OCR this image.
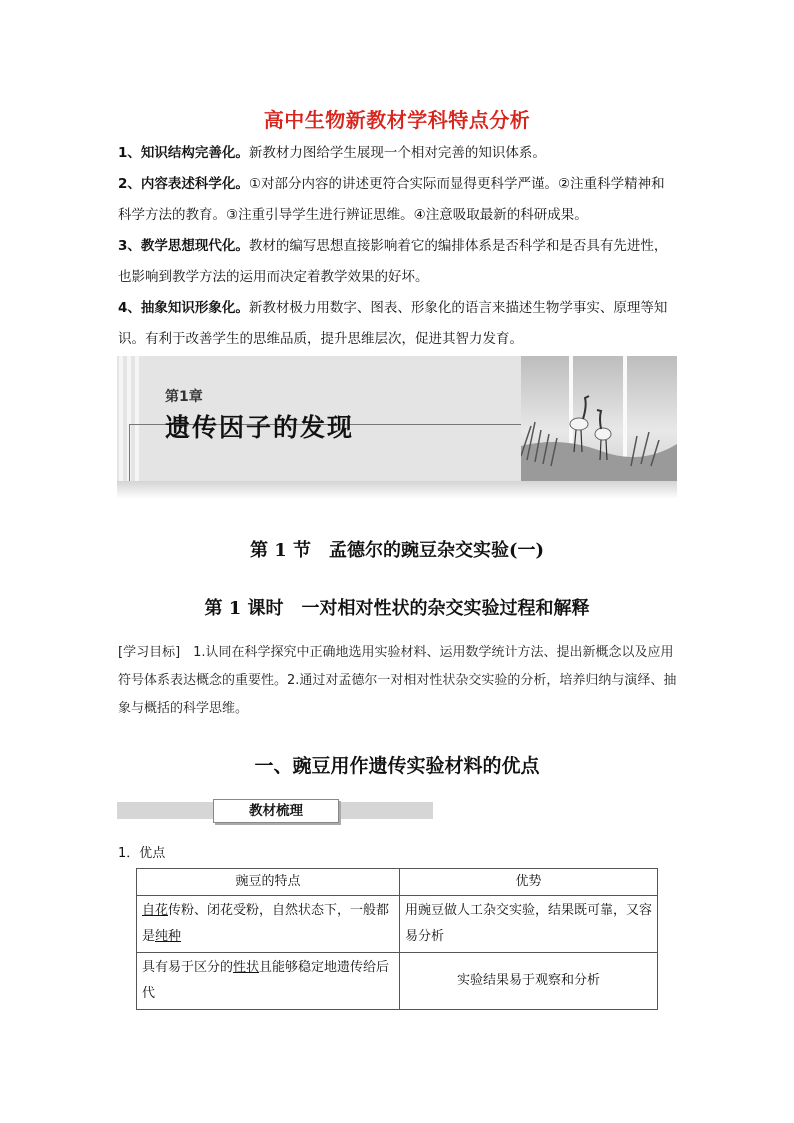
高中生物新教材学科特点分析

1、知识结构完善化。新教材力图给学生展现一个相对完善的知识体系。

2、内容表述科学化。①对部分内容的讲述更符合实际而显得更科学严谨。②注重科学精神和科学方法的教育。③注重引导学生进行辨证思维。④注意吸取最新的科研成果。

3、教学思想现代化。教材的编写思想直接影响着它的编排体系是否科学和是否具有先进性，也影响到教学方法的运用而决定着教学效果的好坏。

4、抽象知识形象化。新教材极力用数字、图表、形象化的语言来描述生物学事实、原理等知识。有利于改善学生的思维品质，提升思维层次，促进其智力发育。

第1章
遗传因子的发现
第 1 节　孟德尔的豌豆杂交实验(一)
第 1 课时　一对相对性状的杂交实验过程和解释

[学习目标]　1.认同在科学探究中正确地选用实验材料、运用数学统计方法、提出新概念以及应用符号体系表达概念的重要性。2.通过对孟德尔一对相对性状杂交实验的分析，培养归纳与演绎、抽象与概括的科学思维。

一、豌豆用作遗传实验材料的优点
教材梳理
1．优点
豌豆的特点	优势
自花传粉、闭花受粉，自然状态下，一般都是纯种	用豌豆做人工杂交实验，结果既可靠，又容易分析
具有易于区分的性状且能够稳定地遗传给后代	实验结果易于观察和分析
